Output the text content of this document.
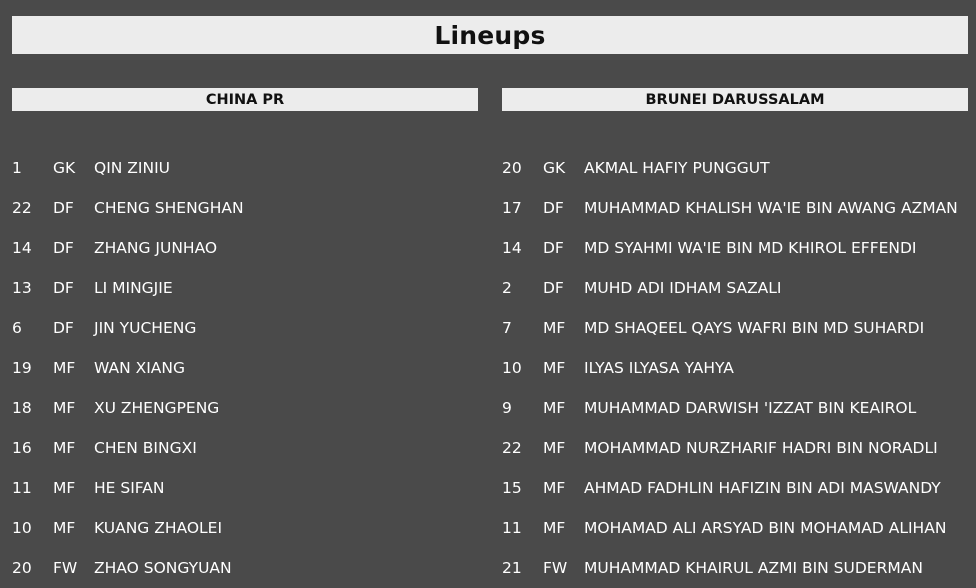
Lineups
CHINA PR
1	GK	QIN ZINIU
22	DF	CHENG SHENGHAN
14	DF	ZHANG JUNHAO
13	DF	LI MINGJIE
6	DF	JIN YUCHENG
19	MF	WAN XIANG
18	MF	XU ZHENGPENG
16	MF	CHEN BINGXI
11	MF	HE SIFAN
10	MF	KUANG ZHAOLEI
20	FW	ZHAO SONGYUAN
BRUNEI DARUSSALAM
20	GK	AKMAL HAFIY PUNGGUT
17	DF	MUHAMMAD KHALISH WA'IE BIN AWANG AZMAN
14	DF	MD SYAHMI WA'IE BIN MD KHIROL EFFENDI
2	DF	MUHD ADI IDHAM SAZALI
7	MF	MD SHAQEEL QAYS WAFRI BIN MD SUHARDI
10	MF	ILYAS ILYASA YAHYA
9	MF	MUHAMMAD DARWISH 'IZZAT BIN KEAIROL
22	MF	MOHAMMAD NURZHARIF HADRI BIN NORADLI
15	MF	AHMAD FADHLIN HAFIZIN BIN ADI MASWANDY
11	MF	MOHAMAD ALI ARSYAD BIN MOHAMAD ALIHAN
21	FW	MUHAMMAD KHAIRUL AZMI BIN SUDERMAN
